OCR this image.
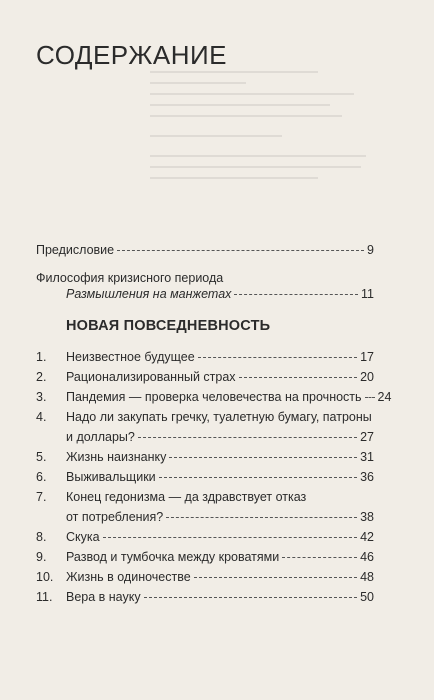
СОДЕРЖАНИЕ
Предисловие	9
Философия кризисного периода
Размышления на манжетах	11
НОВАЯ ПОВСЕДНЕВНОСТЬ
1.	Неизвестное будущее	17
2.	Рационализированный страх	20
3.	Пандемия — проверка человечества на прочность 24
4.	Надо ли закупать гречку, туалетную бумагу, патроны
и доллары?	27
5.	Жизнь наизнанку	31
6.	Выживальщики	36
7.	Конец гедонизма — да здравствует отказ
от потребления?	38
8.	Скука	42
9.	Развод и тумбочка между кроватями	46
10.	Жизнь в одиночестве	48
11.	Вера в науку	50
